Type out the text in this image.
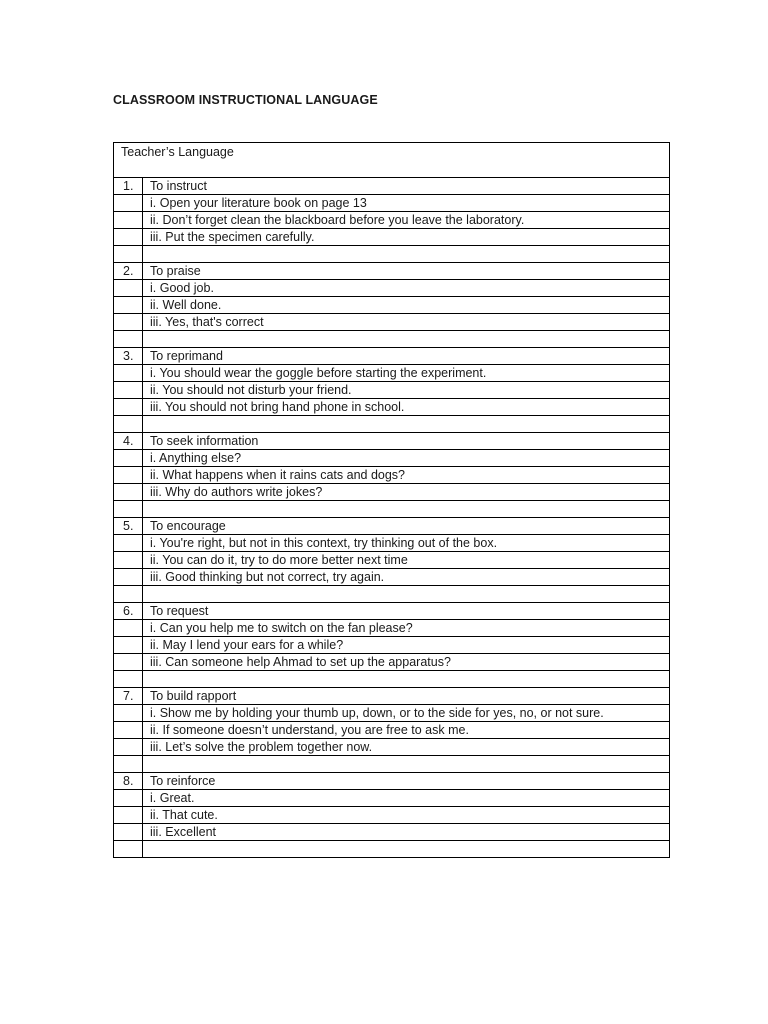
CLASSROOM INSTRUCTIONAL LANGUAGE
Teacher’s Language	
1.	To instruct
	i. Open your literature book on page 13
	ii. Don’t forget clean the blackboard before you leave the laboratory.
	iii. Put the specimen carefully.

2.	To praise
	i. Good job.
	ii. Well done.
	iii. Yes, that's correct

3.	To reprimand
	i. You should wear the goggle before starting the experiment.
	ii. You should not disturb your friend.
	iii. You should not bring hand phone in school.

4.	To seek information
	i. Anything else?
	ii. What happens when it rains cats and dogs?
	iii. Why do authors write jokes?

5.	To encourage
	i. You're right, but not in this context, try thinking out of the box.
	ii. You can do it, try to do more better next time
	iii. Good thinking but not correct, try again.

6.	To request
	i. Can you help me to switch on the fan please?
	ii. May I lend your ears for a while?
	iii. Can someone help Ahmad to set up the apparatus?

7.	To build rapport
	i. Show me by holding your thumb up, down, or to the side for yes, no, or not sure.
	ii. If someone doesn’t understand, you are free to ask me.
	iii. Let’s solve the problem together now.

8.	To reinforce
	i. Great.
	ii. That cute.
	iii. Excellent
